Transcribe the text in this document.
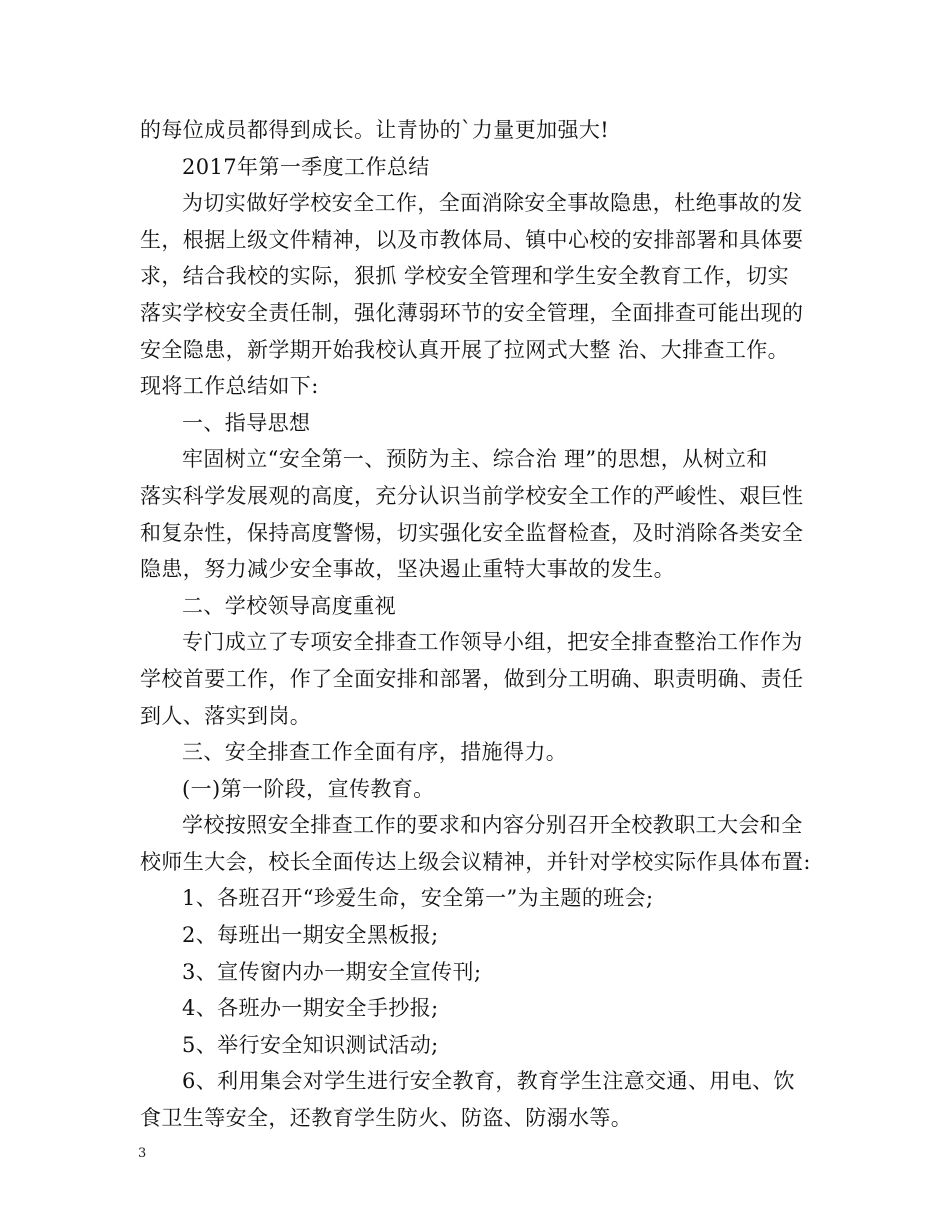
的每位成员都得到成长。让青协的`力量更加强大!
2017年第一季度工作总结
为切实做好学校安全工作，全面消除安全事故隐患，杜绝事故的发
生，根据上级文件精神，以及市教体局、镇中心校的安排部署和具体要
求，结合我校的实际，狠抓 学校安全管理和学生安全教育工作，切实
落实学校安全责任制，强化薄弱环节的安全管理，全面排查可能出现的
安全隐患，新学期开始我校认真开展了拉网式大整 治、大排查工作。
现将工作总结如下:
一、指导思想
牢固树立“安全第一、预防为主、综合治 理”的思想，从树立和
落实科学发展观的高度，充分认识当前学校安全工作的严峻性、艰巨性
和复杂性，保持高度警惕，切实强化安全监督检查，及时消除各类安全
隐患，努力减少安全事故，坚决遏止重特大事故的发生。
二、学校领导高度重视
专门成立了专项安全排查工作领导小组，把安全排查整治工作作为
学校首要工作，作了全面安排和部署，做到分工明确、职责明确、责任
到人、落实到岗。
三、安全排查工作全面有序，措施得力。
(一)第一阶段，宣传教育。
学校按照安全排查工作的要求和内容分别召开全校教职工大会和全
校师生大会，校长全面传达上级会议精神，并针对学校实际作具体布置:
1、各班召开“珍爱生命，安全第一”为主题的班会;
2、每班出一期安全黑板报;
3、宣传窗内办一期安全宣传刊;
4、各班办一期安全手抄报;
5、举行安全知识测试活动;
6、利用集会对学生进行安全教育，教育学生注意交通、用电、饮
食卫生等安全，还教育学生防火、防盗、防溺水等。
3
